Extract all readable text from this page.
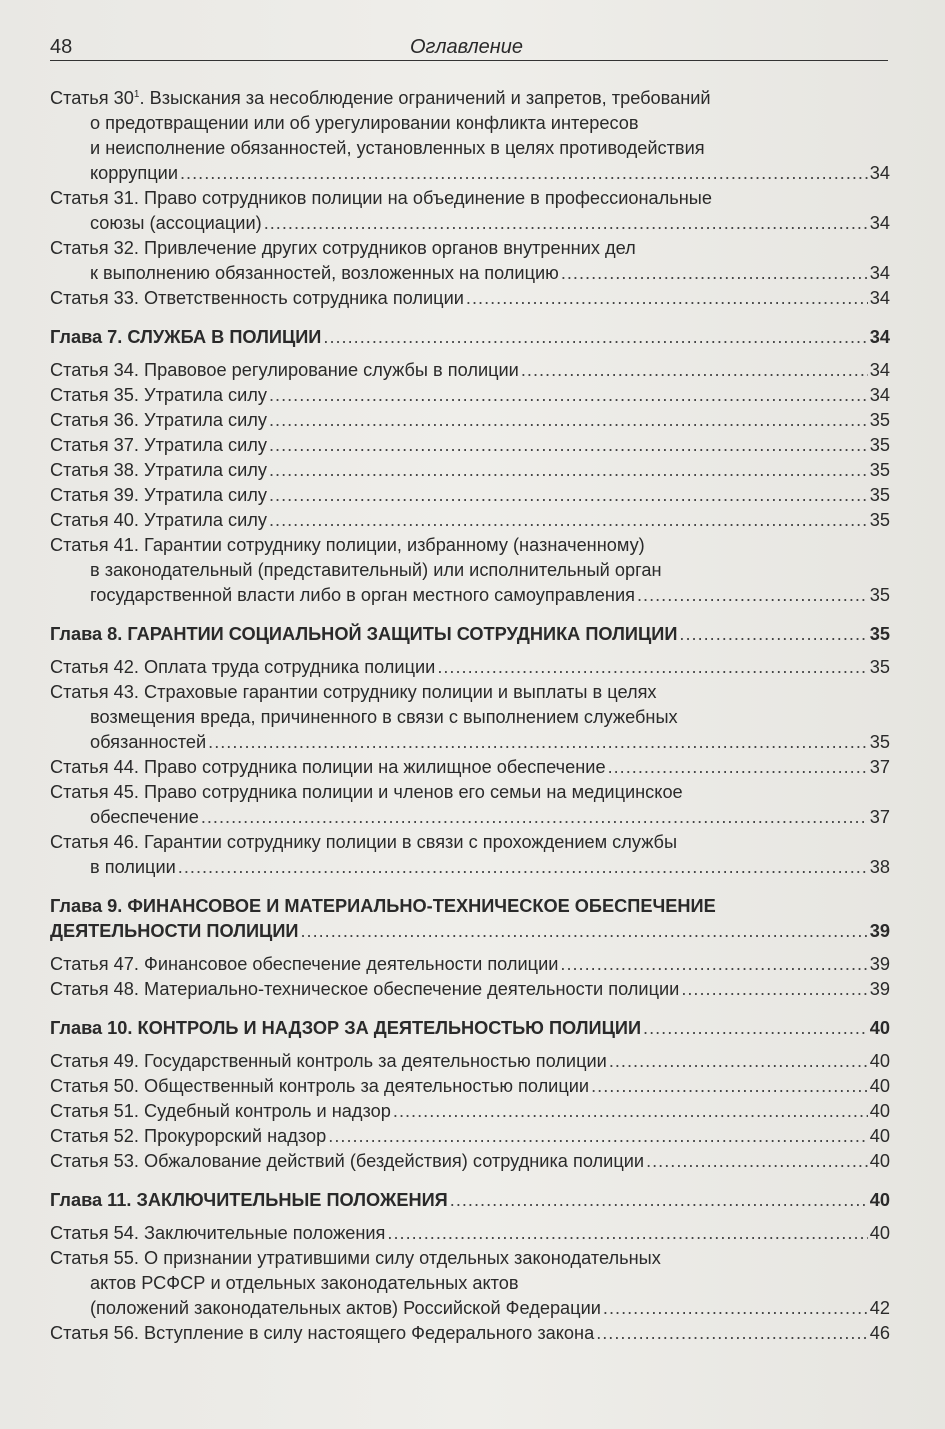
48	Оглавление
Статья $30^1$. Взыскания за несоблюдение ограничений и запретов, требований
о предотвращении или об урегулировании конфликта интересов
и неисполнение обязанностей, установленных в целях противодействия
коррупции .....	34
Статья 31. Право сотрудников полиции на объединение в профессиональные
союзы (ассоциации) .....	34
Статья 32. Привлечение других сотрудников органов внутренних дел
к выполнению обязанностей, возложенных на полицию .....	34
Статья 33. Ответственность сотрудника полиции .....	34
Глава 7. СЛУЖБА В ПОЛИЦИИ .....	34
Статья 34. Правовое регулирование службы в полиции .....	34
Статья 35. Утратила силу .....	34
Статья 36. Утратила силу .....	35
Статья 37. Утратила силу .....	35
Статья 38. Утратила силу .....	35
Статья 39. Утратила силу .....	35
Статья 40. Утратила силу .....	35
Статья 41. Гарантии сотруднику полиции, избранному (назначенному)
в законодательный (представительный) или исполнительный орган
государственной власти либо в орган местного самоуправления .....	35
Глава 8. ГАРАНТИИ СОЦИАЛЬНОЙ ЗАЩИТЫ СОТРУДНИКА ПОЛИЦИИ .....	35
Статья 42. Оплата труда сотрудника полиции .....	35
Статья 43. Страховые гарантии сотруднику полиции и выплаты в целях
возмещения вреда, причиненного в связи с выполнением служебных
обязанностей .....	35
Статья 44. Право сотрудника полиции на жилищное обеспечение .....	37
Статья 45. Право сотрудника полиции и членов его семьи на медицинское
обеспечение .....	37
Статья 46. Гарантии сотруднику полиции в связи с прохождением службы
в полиции .....	38
Глава 9. ФИНАНСОВОЕ И МАТЕРИАЛЬНО-ТЕХНИЧЕСКОЕ ОБЕСПЕЧЕНИЕ
ДЕЯТЕЛЬНОСТИ ПОЛИЦИИ .....	39
Статья 47. Финансовое обеспечение деятельности полиции .....	39
Статья 48. Материально-техническое обеспечение деятельности полиции .....	39
Глава 10. КОНТРОЛЬ И НАДЗОР ЗА ДЕЯТЕЛЬНОСТЬЮ ПОЛИЦИИ .....	40
Статья 49. Государственный контроль за деятельностью полиции .....	40
Статья 50. Общественный контроль за деятельностью полиции .....	40
Статья 51. Судебный контроль и надзор .....	40
Статья 52. Прокурорский надзор .....	40
Статья 53. Обжалование действий (бездействия) сотрудника полиции .....	40
Глава 11. ЗАКЛЮЧИТЕЛЬНЫЕ ПОЛОЖЕНИЯ .....	40
Статья 54. Заключительные положения .....	40
Статья 55. О признании утратившими силу отдельных законодательных
актов РСФСР и отдельных законодательных актов
(положений законодательных актов) Российской Федерации .....	42
Статья 56. Вступление в силу настоящего Федерального закона .....	46
